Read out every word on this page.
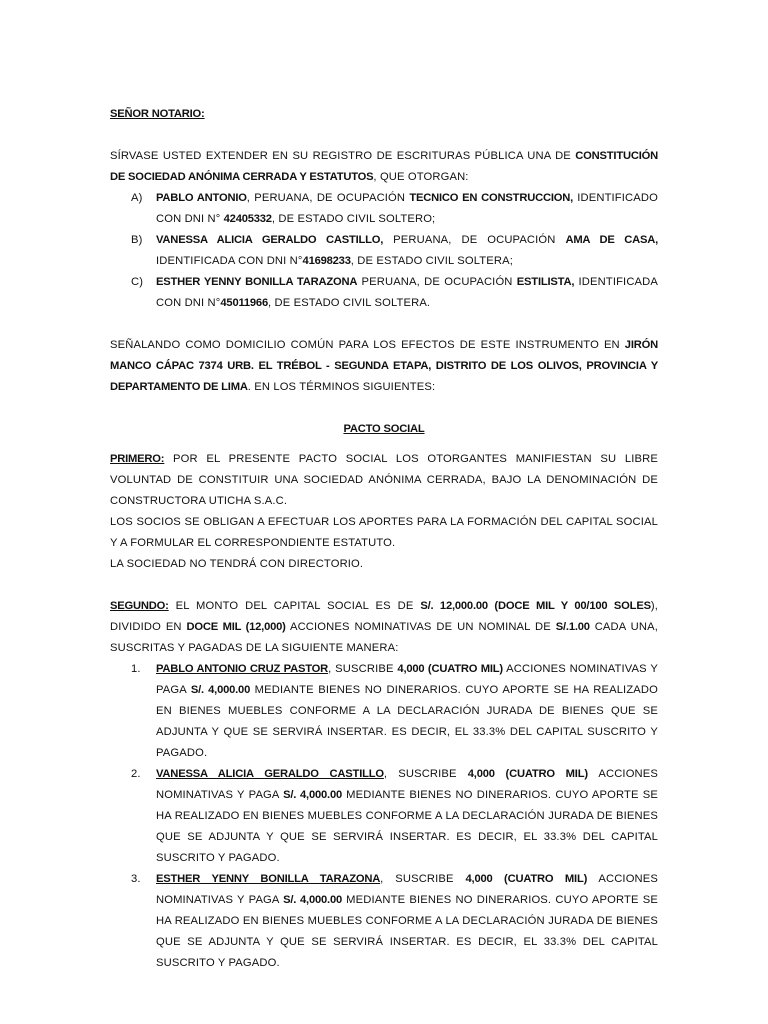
SEÑOR NOTARIO:

SÍRVASE USTED EXTENDER EN SU REGISTRO DE ESCRITURAS PÚBLICA UNA DE CONSTITUCIÓN DE SOCIEDAD ANÓNIMA CERRADA Y ESTATUTOS, QUE OTORGAN:

A) PABLO ANTONIO, PERUANA, DE OCUPACIÓN TECNICO EN CONSTRUCCION, IDENTIFICADO CON DNI N° 42405332, DE ESTADO CIVIL SOLTERO;

B) VANESSA ALICIA GERALDO CASTILLO, PERUANA, DE OCUPACIÓN AMA DE CASA, IDENTIFICADA CON DNI N°41698233, DE ESTADO CIVIL SOLTERA;

C) ESTHER YENNY BONILLA TARAZONA PERUANA, DE OCUPACIÓN ESTILISTA, IDENTIFICADA CON DNI N°45011966, DE ESTADO CIVIL SOLTERA.

SEÑALANDO COMO DOMICILIO COMÚN PARA LOS EFECTOS DE ESTE INSTRUMENTO EN JIRÓN MANCO CÁPAC 7374 URB. EL TRÉBOL - SEGUNDA ETAPA, DISTRITO DE LOS OLIVOS, PROVINCIA Y DEPARTAMENTO DE LIMA. EN LOS TÉRMINOS SIGUIENTES:

PACTO SOCIAL

PRIMERO: POR EL PRESENTE PACTO SOCIAL LOS OTORGANTES MANIFIESTAN SU LIBRE VOLUNTAD DE CONSTITUIR UNA SOCIEDAD ANÓNIMA CERRADA, BAJO LA DENOMINACIÓN DE CONSTRUCTORA UTICHA S.A.C.

LOS SOCIOS SE OBLIGAN A EFECTUAR LOS APORTES PARA LA FORMACIÓN DEL CAPITAL SOCIAL Y A FORMULAR EL CORRESPONDIENTE ESTATUTO.

LA SOCIEDAD NO TENDRÁ CON DIRECTORIO.

SEGUNDO: EL MONTO DEL CAPITAL SOCIAL ES DE S/. 12,000.00 (DOCE MIL Y 00/100 SOLES), DIVIDIDO EN DOCE MIL (12,000) ACCIONES NOMINATIVAS DE UN NOMINAL DE S/.1.00 CADA UNA, SUSCRITAS Y PAGADAS DE LA SIGUIENTE MANERA:

1. PABLO ANTONIO CRUZ PASTOR, SUSCRIBE 4,000 (CUATRO MIL) ACCIONES NOMINATIVAS Y PAGA S/. 4,000.00 MEDIANTE BIENES NO DINERARIOS. CUYO APORTE SE HA REALIZADO EN BIENES MUEBLES CONFORME A LA DECLARACIÓN JURADA DE BIENES QUE SE ADJUNTA Y QUE SE SERVIRÁ INSERTAR. ES DECIR, EL 33.3% DEL CAPITAL SUSCRITO Y PAGADO.

2. VANESSA ALICIA GERALDO CASTILLO, SUSCRIBE 4,000 (CUATRO MIL) ACCIONES NOMINATIVAS Y PAGA S/. 4,000.00 MEDIANTE BIENES NO DINERARIOS. CUYO APORTE SE HA REALIZADO EN BIENES MUEBLES CONFORME A LA DECLARACIÓN JURADA DE BIENES QUE SE ADJUNTA Y QUE SE SERVIRÁ INSERTAR. ES DECIR, EL 33.3% DEL CAPITAL SUSCRITO Y PAGADO.

3. ESTHER YENNY BONILLA TARAZONA, SUSCRIBE 4,000 (CUATRO MIL) ACCIONES NOMINATIVAS Y PAGA S/. 4,000.00 MEDIANTE BIENES NO DINERARIOS. CUYO APORTE SE HA REALIZADO EN BIENES MUEBLES CONFORME A LA DECLARACIÓN JURADA DE BIENES QUE SE ADJUNTA Y QUE SE SERVIRÁ INSERTAR. ES DECIR, EL 33.3% DEL CAPITAL SUSCRITO Y PAGADO.
